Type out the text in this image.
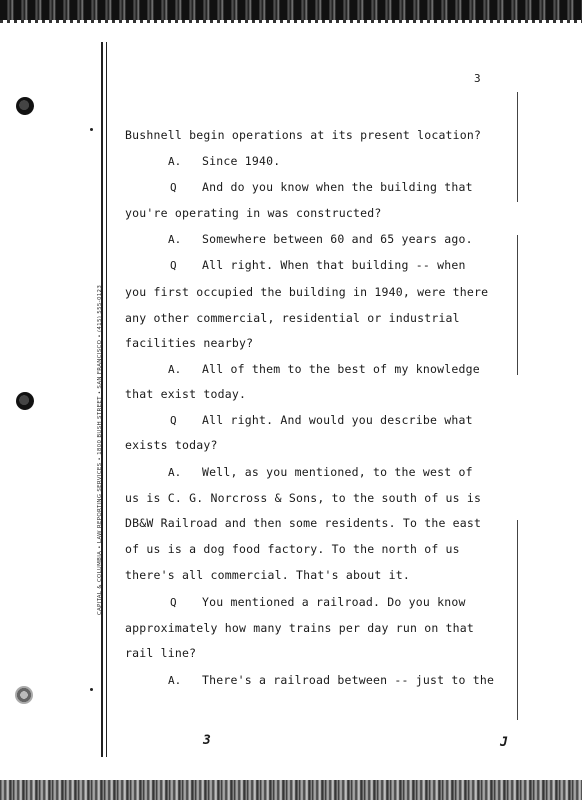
CAPITAL & COLUMBIA • LAW REPORTING SERVICES • 1800 BUSH STREET • SAN FRANCISCO • (415) 555-0123
3
Bushnell begin operations at its present location?
A. Since 1940.
Q And do you know when the building that
you're operating in was constructed?
A. Somewhere between 60 and 65 years ago.
Q All right. When that building -- when
you first occupied the building in 1940, were there
any other commercial, residential or industrial
facilities nearby?
A. All of them to the best of my knowledge
that exist today.
Q All right. And would you describe what
exists today?
A. Well, as you mentioned, to the west of
us is C. G. Norcross & Sons, to the south of us is
DB&W Railroad and then some residents. To the east
of us is a dog food factory. To the north of us
there's all commercial. That's about it.
Q You mentioned a railroad. Do you know
approximately how many trains per day run on that
rail line?
A. There's a railroad between -- just to the
3	J
